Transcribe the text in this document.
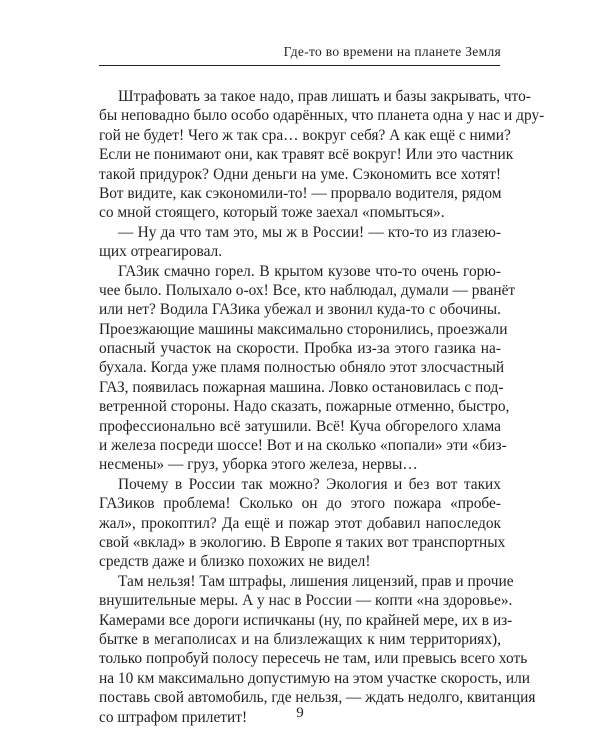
Где-то во времени на планете Земля
Штрафовать за такое надо, прав лишать и базы закрывать, что-
бы неповадно было особо одарённых, что планета одна у нас и дру-
гой не будет! Чего ж так сра… вокруг себя? А как ещё с ними?
Если не понимают они, как травят всё вокруг! Или это частник
такой придурок? Одни деньги на уме. Сэкономить все хотят!
Вот видите, как сэкономили-то! — прорвало водителя, рядом
со мной стоящего, который тоже заехал «помыться».
— Ну да что там это, мы ж в России! — кто-то из глазею-
щих отреагировал.
ГАЗик смачно горел. В крытом кузове что-то очень горю-
чее было. Полыхало о-ох! Все, кто наблюдал, думали — рванёт
или нет? Водила ГАЗика убежал и звонил куда-то с обочины.
Проезжающие машины максимально сторонились, проезжали
опасный участок на скорости. Пробка из-за этого газика на-
бухала. Когда уже пламя полностью обняло этот злосчастный
ГАЗ, появилась пожарная машина. Ловко остановилась с под-
ветренной стороны. Надо сказать, пожарные отменно, быстро,
профессионально всё затушили. Всё! Куча обгорелого хлама
и железа посреди шоссе! Вот и на сколько «попали» эти «биз-
несмены» — груз, уборка этого железа, нервы…
Почему в России так можно? Экология и без вот таких
ГАЗиков проблема! Сколько он до этого пожара «пробе-
жал», прокоптил? Да ещё и пожар этот добавил напоследок
свой «вклад» в экологию. В Европе я таких вот транспортных
средств даже и близко похожих не видел!
Там нельзя! Там штрафы, лишения лицензий, прав и прочие
внушительные меры. А у нас в России — копти «на здоровье».
Камерами все дороги испичканы (ну, по крайней мере, их в из-
бытке в мегаполисах и на близлежащих к ним территориях),
только попробуй полосу пересечь не там, или превысь всего хоть
на 10 км максимально допустимую на этом участке скорость, или
поставь свой автомобиль, где нельзя, — ждать недолго, квитанция
со штрафом прилетит!	9
